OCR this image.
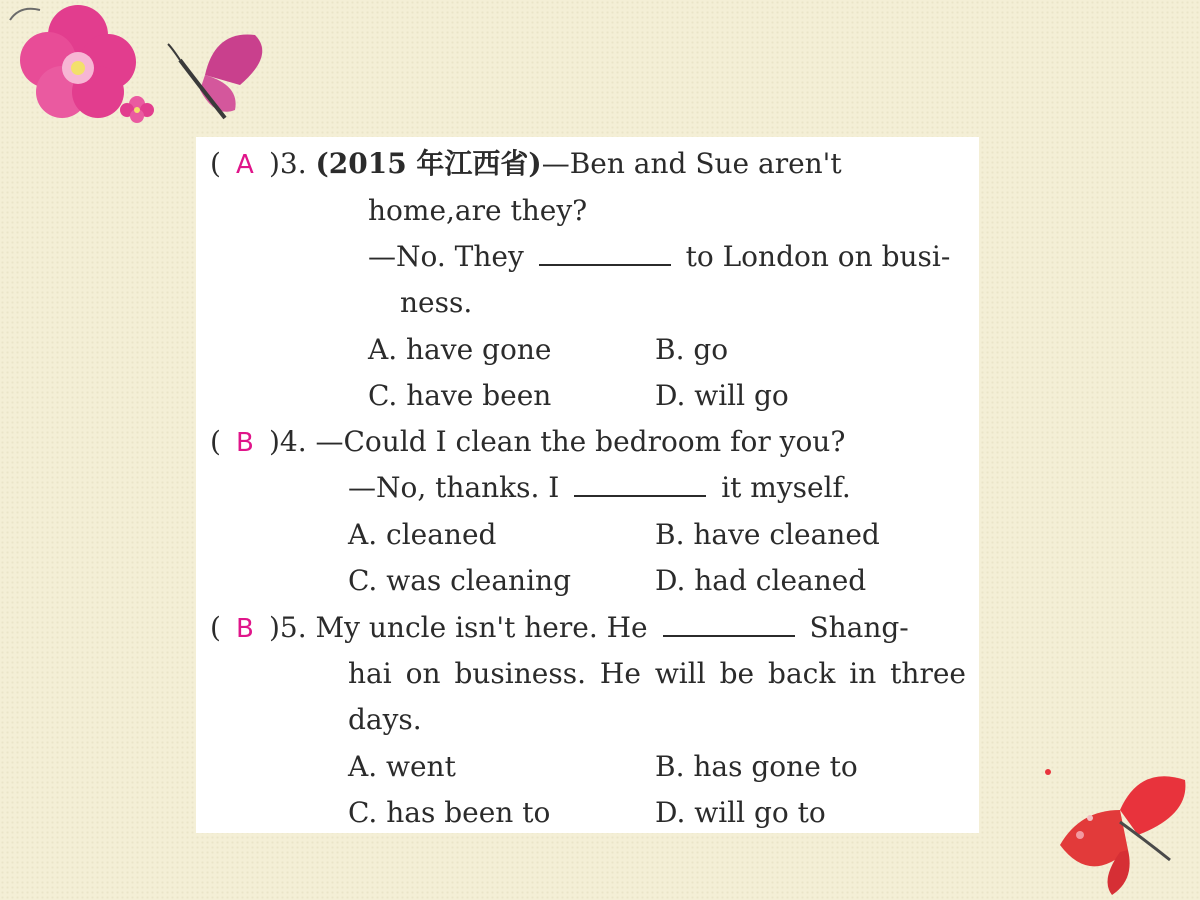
( A )3. (2015 年江西省)—Ben and Sue aren't
home,are they?
—No. They	to London on busi-
ness.
A. have gone	B. go
C. have been	D. will go
( B )4. —Could I clean the bedroom for you?
—No, thanks. I	it myself.
A. cleaned	B. have cleaned
C. was cleaning	D. had cleaned
( B )5. My uncle isn't here. He	Shang-
hai on business. He will be back in three
days.
A. went	B. has gone to
C. has been to	D. will go to
